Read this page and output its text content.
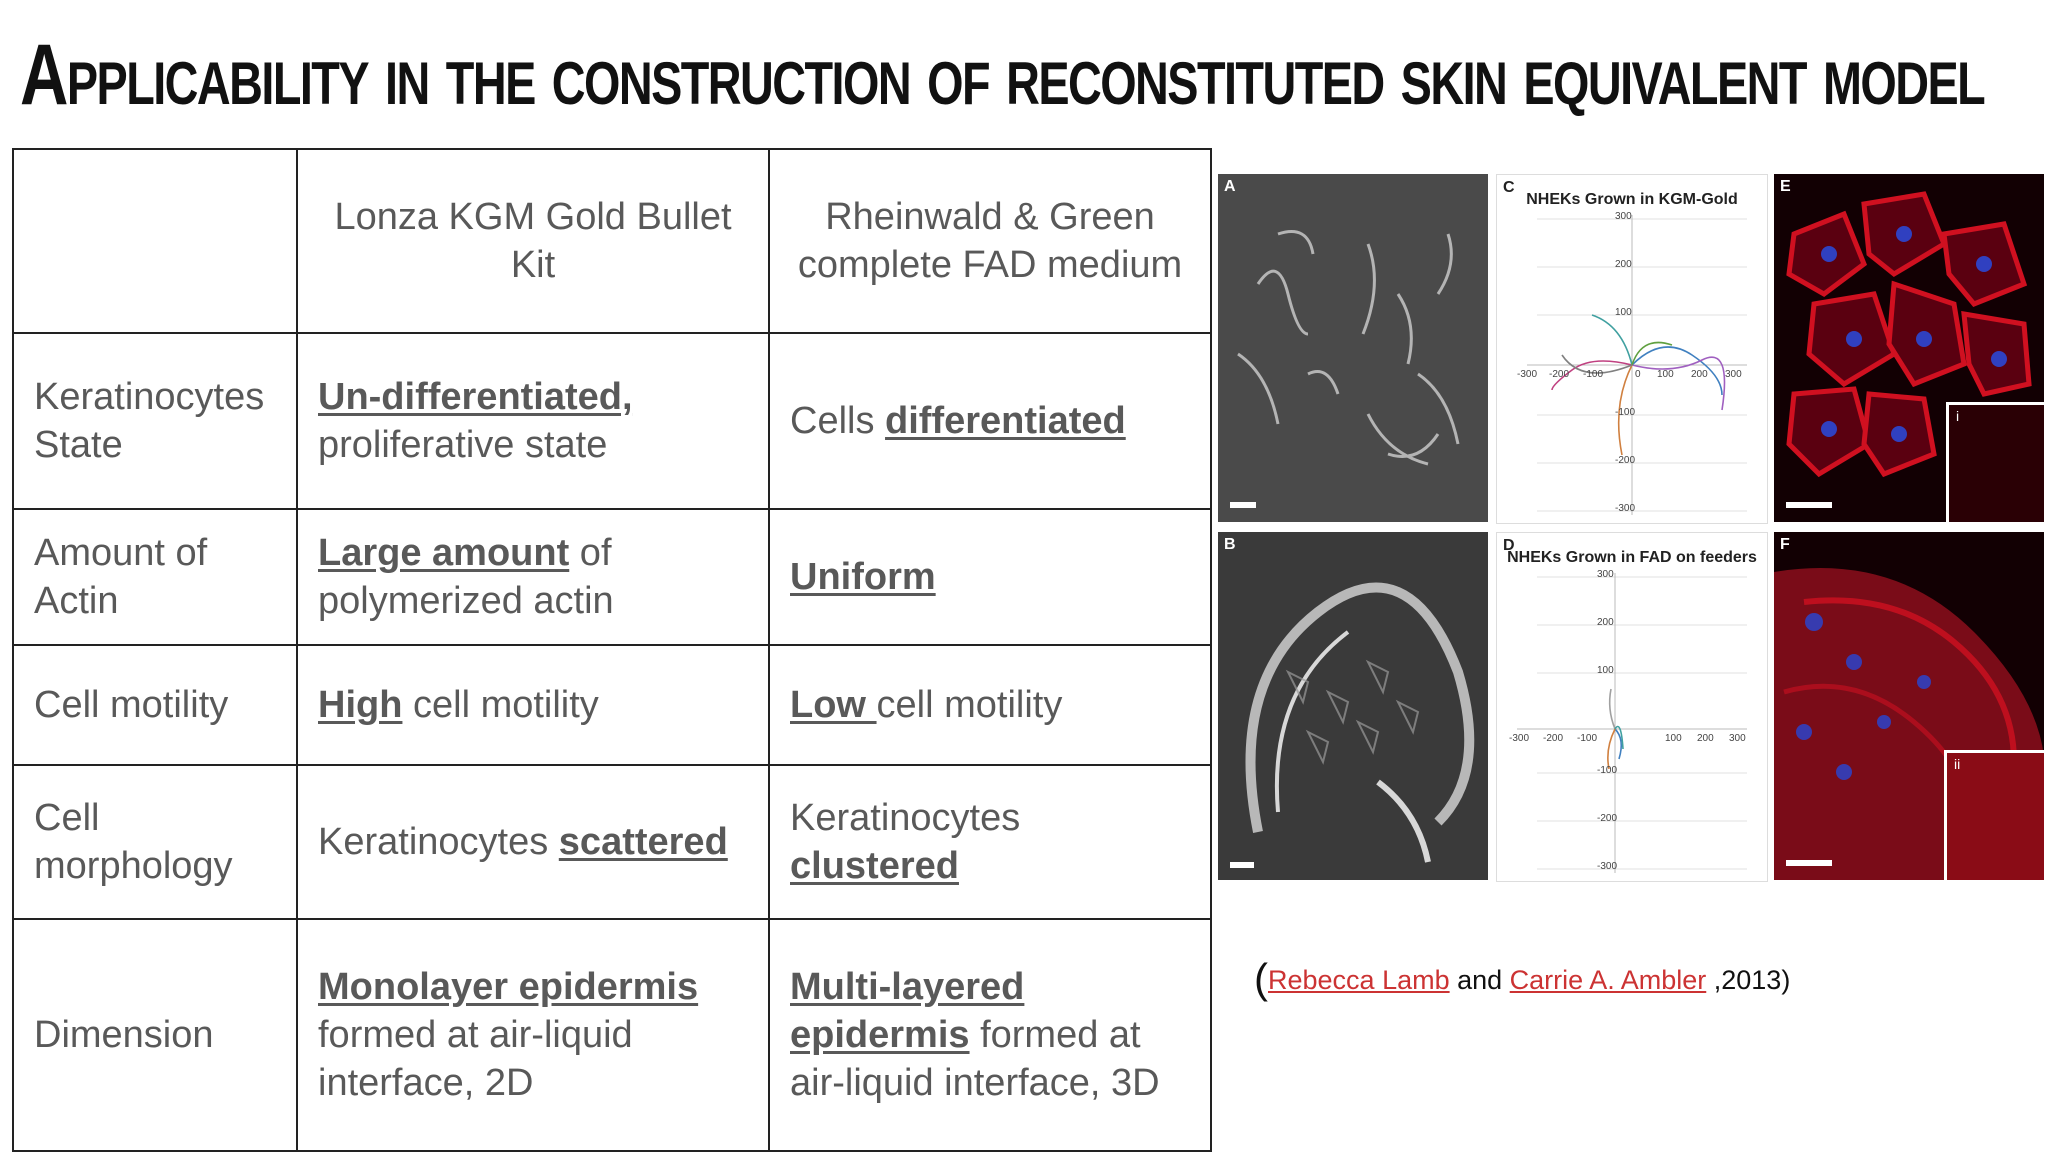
Applicability in the construction of reconstituted skin equivalent model
	Lonza KGM Gold Bullet Kit	Rheinwald & Green complete FAD medium
Keratinocytes State	Un-differentiated, proliferative state	Cells differentiated
Amount of Actin	Large amount of polymerized actin	Uniform
Cell motility	High cell motility	Low cell motility
Cell morphology	Keratinocytes scattered	Keratinocytes clustered
Dimension	Monolayer epidermis formed at air-liquid interface, 2D	Multi-layered epidermis formed at air-liquid interface, 3D
A	C
NHEKs Grown in KGM-Gold
300
200
100
-100
-200
-300
-300 -200 -100	0 100 200 300
E
i
B	D
NHEKs Grown in FAD on feeders
300
200
100
-100
-200
-300
-300 -200 -100	100 200 300
F
ii
(Rebecca Lamb and Carrie A. Ambler ,2013)
